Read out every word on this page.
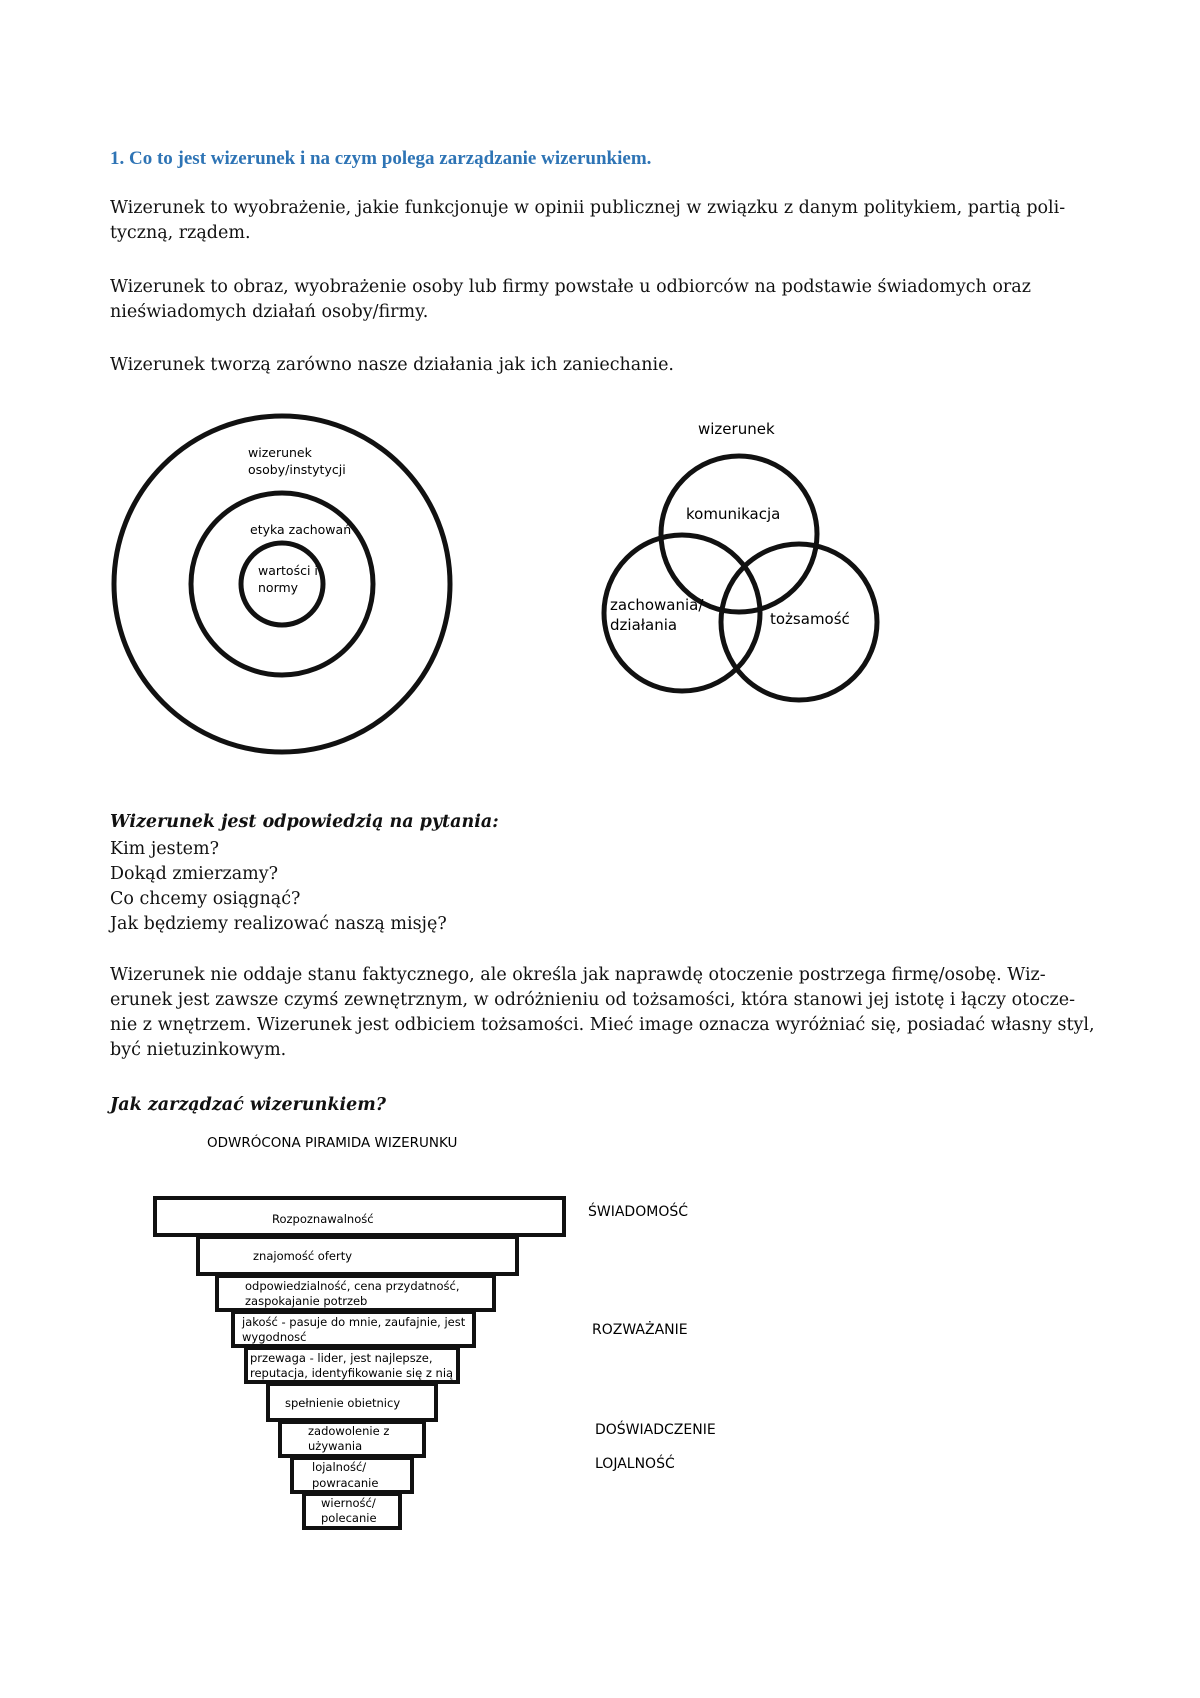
1. Co to jest wizerunek i na czym polega zarządzanie wizerunkiem.

Wizerunek to wyobrażenie, jakie funkcjonuje w opinii publicznej w związku z danym politykiem, partią poli-tyczną, rządem.

Wizerunek to obraz, wyobrażenie osoby lub firmy powstałe u odbiorców na podstawie świadomych oraz nieświadomych działań osoby/firmy.

Wizerunek tworzą zarówno nasze działania jak ich zaniechanie.

wizerunek
osoby/instytycji
etyka zachowań
wartości i
normy
wizerunek
komunikacja
zachowania/
działania	tożsamość
Wizerunek jest odpowiedzią na pytania:
Kim jestem?
Dokąd zmierzamy?
Co chcemy osiągnąć?
Jak będziemy realizować naszą misję?

Wizerunek nie oddaje stanu faktycznego, ale określa jak naprawdę otoczenie postrzega firmę/osobę. Wiz-erunek jest zawsze czymś zewnętrznym, w odróżnieniu od tożsamości, która stanowi jej istotę i łączy otocze-nie z wnętrzem. Wizerunek jest odbiciem tożsamości. Mieć image oznacza wyróżniać się, posiadać własny styl, być nietuzinkowym.

Jak zarządzać wizerunkiem?
ODWRÓCONA PIRAMIDA WIZERUNKU
Rozpoznawalność
znajomość oferty
odpowiedzialność, cena przydatność,
zaspokajanie potrzeb
jakość - pasuje do mnie, zaufajnie, jest
wygodnosć
przewaga - lider, jest najlepsze,
reputacja, identyfikowanie się z nią
spełnienie obietnicy
zadowolenie z
używania
lojalność/
powracanie
wierność/
polecanie
ŚWIADOMOŚĆ
ROZWAŻANIE
DOŚWIADCZENIE
LOJALNOŚĆ
